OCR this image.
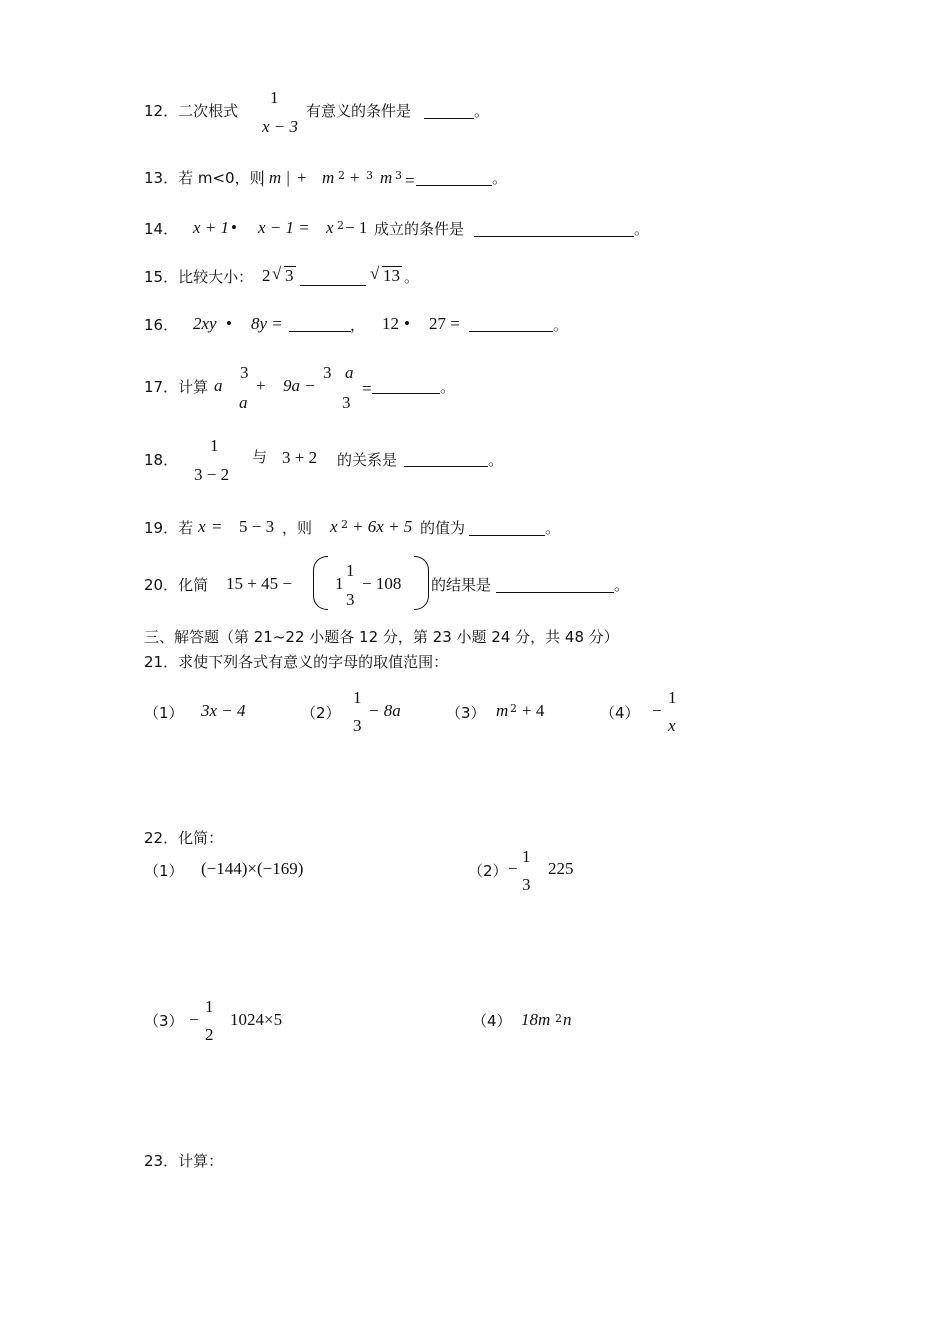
12．二次根式
1
x − 3
有意义的条件是	。
13．若 m<0，则
| m | + m 2 + 3 m 3 =	。
14． x + 1 • x − 1 = x 2 − 1 成立的条件是	。
15．比较大小： 2 √ 3	√ 13 。
16． 2xy • 8y =	， 12 • 27 =	。
17．计算 a
3
a
+ 9a −
3 a
3
=	。
18．
1
3 − 2
与 3 + 2 的关系是	。
19．若 x = 5 − 3 ，则 x 2 + 6x + 5 的值为	。
20．化简 15 + 45 −	1
1
3
− 108 的结果是	。
三、解答题（第 21~22 小题各 12 分，第 23 小题 24 分，共 48 分）
21．求使下列各式有意义的字母的取值范围：
（1） 3x − 4	（2）
1
3
− 8a	（3） m 2 + 4	（4） −
1
x
22．化简：
（1） (−144)×(−169)	（2） −
1
3
225
（3） −
1
2
1024×5	（4） 18m 2 n
23．计算：
